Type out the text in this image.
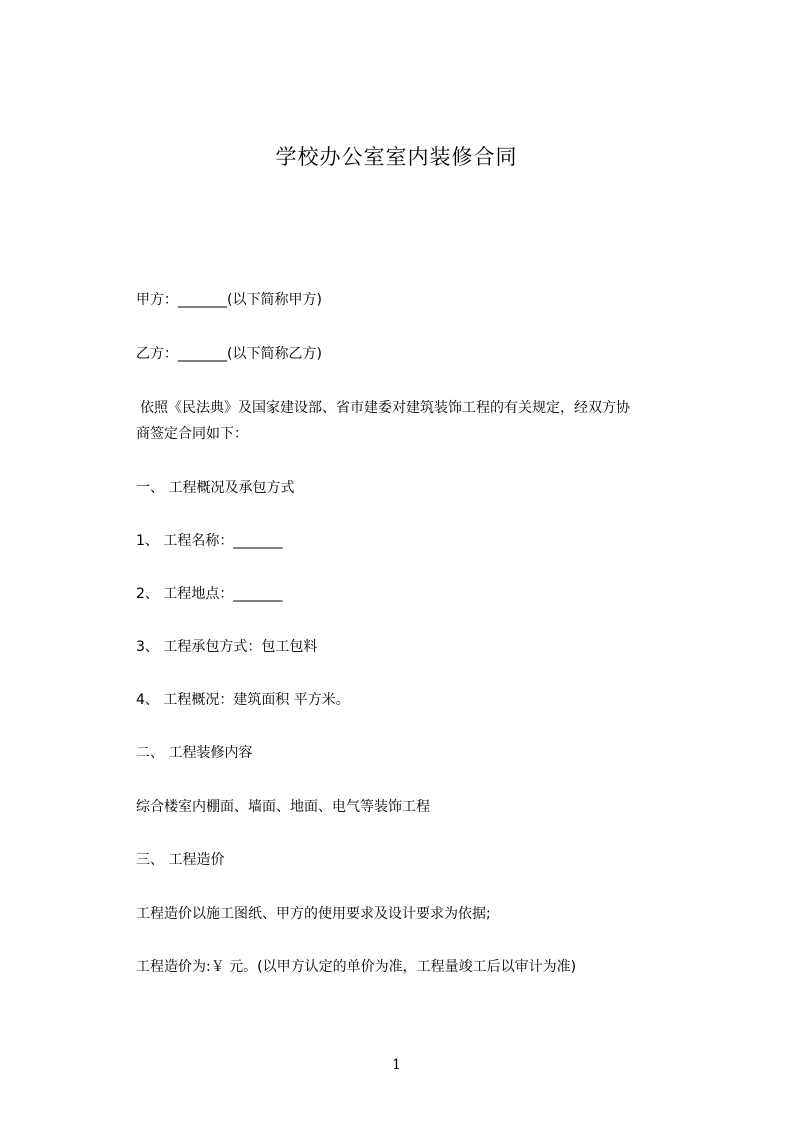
学校办公室室内装修合同
甲方：_______(以下简称甲方)
乙方：_______(以下简称乙方)
依照《民法典》及国家建设部、省市建委对建筑装饰工程的有关规定，经双方协
商签定合同如下：
一、 工程概况及承包方式
1、 工程名称：_______
2、 工程地点：_______
3、 工程承包方式：包工包料
4、 工程概况：建筑面积 平方米。
二、 工程装修内容
综合楼室内棚面、墙面、地面、电气等装饰工程
三、 工程造价
工程造价以施工图纸、甲方的使用要求及设计要求为依据;
工程造价为:￥ 元。(以甲方认定的单价为准，工程量竣工后以审计为准)
1
